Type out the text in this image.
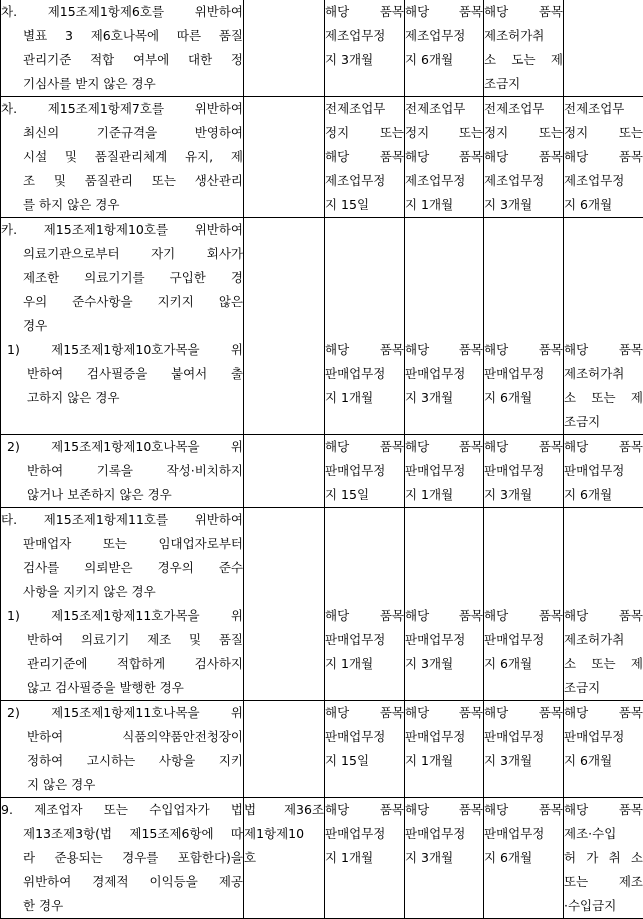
차. 제15조제1항제6호를 위반하여
별표 3 제6호나목에 따른 품질
관리기준 적합 여부에 대한 정
기심사를 받지 않은 경우		해당 품목
제조업무정
지 3개월	해당 품목
제조업무정
지 6개월	해당 품목
제조허가취
소 도는 제
조금지	

차. 제15조제1항제7호를 위반하여
최신의 기준규격을 반영하여
시설 및 품질관리체계 유지, 제
조 및 품질관리 또는 생산관리
를 하지 않은 경우		전제조업무
정지 또는
해당 품목
제조업무정
지 15일	전제조업무
정지 또는
해당 품목
제조업무정
지 1개월	전제조업무
정지 또는
해당 품목
제조업무정
지 3개월	전제조업무
정지 또는
해당 품목
제조업무정
지 6개월

카. 제15조제1항제10호를 위반하여
의료기관으로부터 자기 회사가
제조한 의료기기를 구입한 경
우의 준수사항을 지키지 않은
경우					

1) 제15조제1항제10호가목을 위
반하여 검사필증을 붙여서 출
고하지 않은 경우		해당 품목
판매업무정
지 1개월	해당 품목
판매업무정
지 3개월	해당 품목
판매업무정
지 6개월	해당 품목
제조허가취
소 또는 제
조금지

2) 제15조제1항제10호나목을 위
반하여 기록을 작성·비치하지
않거나 보존하지 않은 경우		해당 품목
판매업무정
지 15일	해당 품목
판매업무정
지 1개월	해당 품목
판매업무정
지 3개월	해당 품목
판매업무정
지 6개월

타. 제15조제1항제11호를 위반하여
판매업자 또는 임대업자로부터
검사를 의뢰받은 경우의 준수
사항을 지키지 않은 경우					

1) 제15조제1항제11호가목을 위
반하여 의료기기 제조 및 품질
관리기준에 적합하게 검사하지
않고 검사필증을 발행한 경우		해당 품목
판매업무정
지 1개월	해당 품목
판매업무정
지 3개월	해당 품목
판매업무정
지 6개월	해당 품목
제조허가취
소 또는 제
조금지

2) 제15조제1항제11호나목을 위
반하여 식품의약품안전청장이
정하여 고시하는 사항을 지키
지 않은 경우		해당 품목
판매업무정
지 15일	해당 품목
판매업무정
지 1개월	해당 품목
판매업무정
지 3개월	해당 품목
판매업무정
지 6개월

9. 제조업자 또는 수입업자가 법
제13조제3항(법 제15조제6항에 따
라 준용되는 경우를 포함한다)을
위반하여 경제적 이익등을 제공
한 경우	법 제36조
제1항제10
호	해당 품목
판매업무정
지 1개월	해당 품목
판매업무정
지 3개월	해당 품목
판매업무정
지 6개월	해당 품목
제조·수입
허 가 취 소
또는 제조
·수입금지
